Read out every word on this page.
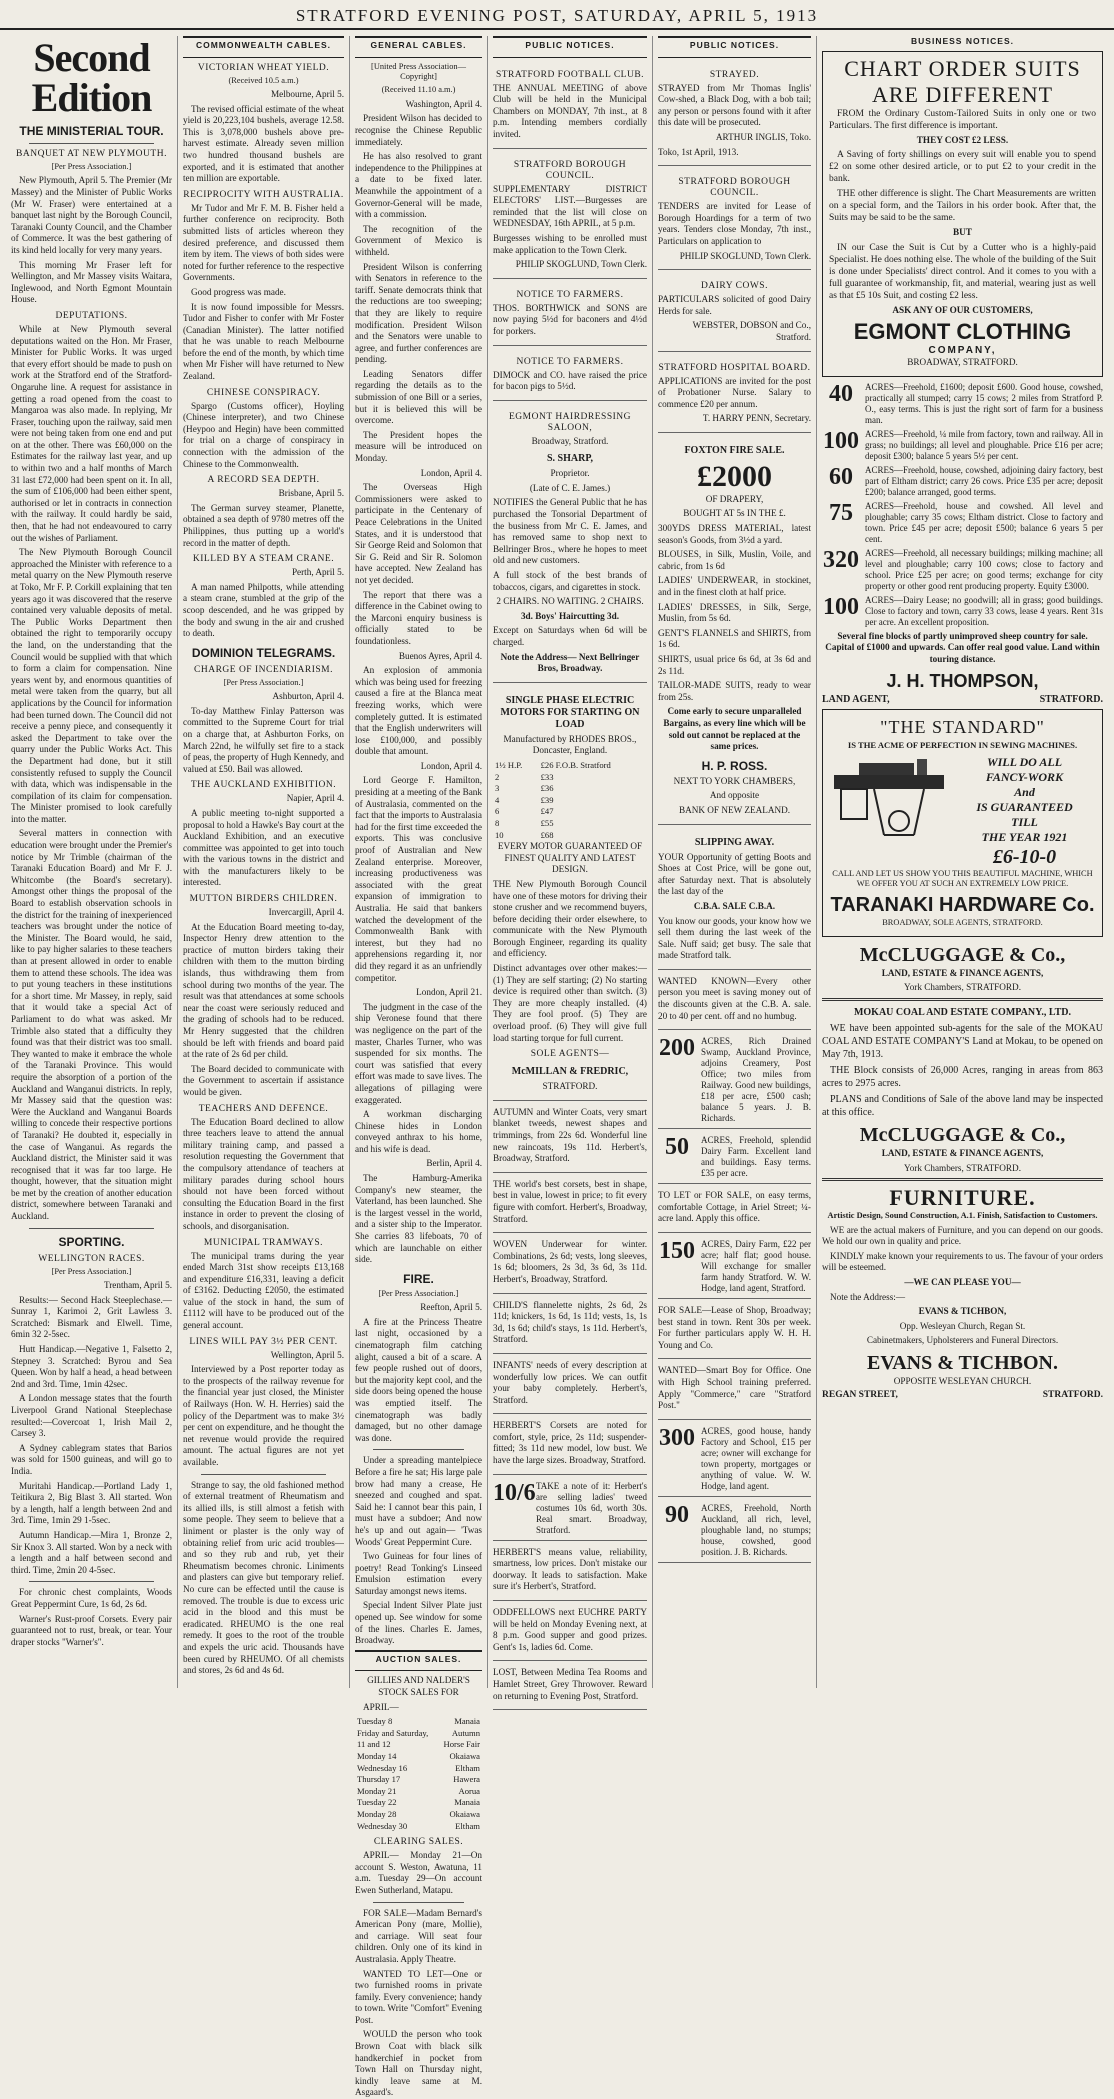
STRATFORD EVENING POST, SATURDAY, APRIL 5, 1913
Second Edition
THE MINISTERIAL TOUR.
BANQUET AT NEW PLYMOUTH.

[Per Press Association.]

New Plymouth, April 5. The Premier (Mr Massey) and the Minister of Public Works (Mr W. Fraser) were entertained at a banquet last night by the Borough Council, Taranaki County Council, and the Chamber of Commerce. It was the best gathering of its kind held locally for very many years.

This morning Mr Fraser left for Wellington, and Mr Massey visits Waitara, Inglewood, and North Egmont Mountain House.

DEPUTATIONS.

While at New Plymouth several deputations waited on the Hon. Mr Fraser, Minister for Public Works. It was urged that every effort should be made to push on work at the Stratford end of the Stratford-Ongaruhe line. A request for assistance in getting a road opened from the coast to Mangaroa was also made. In replying, Mr Fraser, touching upon the railway, said men were not being taken from one end and put on at the other. There was £60,000 on the Estimates for the railway last year, and up to within two and a half months of March 31 last £72,000 had been spent on it. In all, the sum of £106,000 had been either spent, authorised or let in contracts in connection with the railway. It could hardly be said, then, that he had not endeavoured to carry out the wishes of Parliament.

The New Plymouth Borough Council approached the Minister with reference to a metal quarry on the New Plymouth reserve at Toko, Mr F. P. Corkill explaining that ten years ago it was discovered that the reserve contained very valuable deposits of metal. The Public Works Department then obtained the right to temporarily occupy the land, on the understanding that the Council would be supplied with that which to form a claim for compensation. Nine years went by, and enormous quantities of metal were taken from the quarry, but all applications by the Council for information had been turned down. The Council did not receive a penny piece, and consequently it asked the Department to take over the quarry under the Public Works Act. This the Department had done, but it still consistently refused to supply the Council with data, which was indispensable in the compilation of its claim for compensation. The Minister promised to look carefully into the matter.

Several matters in connection with education were brought under the Premier's notice by Mr Trimble (chairman of the Taranaki Education Board) and Mr F. J. Whitcombe (the Board's secretary). Amongst other things the proposal of the Board to establish observation schools in the district for the training of inexperienced teachers was brought under the notice of the Minister. The Board would, he said, like to pay higher salaries to these teachers than at present allowed in order to enable them to attend these schools. The idea was to put young teachers in these institutions for a short time. Mr Massey, in reply, said that it would take a special Act of Parliament to do what was asked. Mr Trimble also stated that a difficulty they found was that their district was too small. They wanted to make it embrace the whole of the Taranaki Province. This would require the absorption of a portion of the Auckland and Wanganui districts. In reply, Mr Massey said that the question was: Were the Auckland and Wanganui Boards willing to concede their respective portions of Taranaki? He doubted it, especially in the case of Wanganui. As regards the Auckland district, the Minister said it was recognised that it was far too large. He thought, however, that the situation might be met by the creation of another education district, somewhere between Taranaki and Auckland.

SPORTING.
WELLINGTON RACES.

[Per Press Association.]

Trentham, April 5.

Results:— Second Hack Steeplechase.—Sunray 1, Karimoi 2, Grit Lawless 3. Scratched: Bismark and Elwell. Time, 6min 32 2-5sec.

Hutt Handicap.—Negative 1, Falsetto 2, Stepney 3. Scratched: Byrou and Sea Queen. Won by half a head, a head between 2nd and 3rd. Time, 1min 42sec.

A London message states that the fourth Liverpool Grand National Steeplechase resulted:—Covercoat 1, Irish Mail 2, Carsey 3.

A Sydney cablegram states that Barios was sold for 1500 guineas, and will go to India.

Muritahi Handicap.—Portland Lady 1, Teitikura 2, Big Blast 3. All started. Won by a length, half a length between 2nd and 3rd. Time, 1min 29 1-5sec.

Autumn Handicap.—Mira 1, Bronze 2, Sir Knox 3. All started. Won by a neck with a length and a half between second and third. Time, 2min 20 4-5sec.

For chronic chest complaints, Woods Great Peppermint Cure, 1s 6d, 2s 6d.

Warner's Rust-proof Corsets. Every pair guaranteed not to rust, break, or tear. Your draper stocks "Warner's".

COMMONWEALTH CABLES.
VICTORIAN WHEAT YIELD.

(Received 10.5 a.m.)

Melbourne, April 5.

The revised official estimate of the wheat yield is 20,223,104 bushels, average 12.58. This is 3,078,000 bushels above pre-harvest estimate. Already seven million two hundred thousand bushels are exported, and it is estimated that another ten million are exportable.

RECIPROCITY WITH AUSTRALIA.

Mr Tudor and Mr F. M. B. Fisher held a further conference on reciprocity. Both submitted lists of articles whereon they desired preference, and discussed them item by item. The views of both sides were noted for further reference to the respective Governments.

Good progress was made.

It is now found impossible for Messrs. Tudor and Fisher to confer with Mr Foster (Canadian Minister). The latter notified that he was unable to reach Melbourne before the end of the month, by which time when Mr Fisher will have returned to New Zealand.

CHINESE CONSPIRACY.

Spargo (Customs officer), Hoyling (Chinese interpreter), and two Chinese (Heypoo and Hegin) have been committed for trial on a charge of conspiracy in connection with the admission of the Chinese to the Commonwealth.

A RECORD SEA DEPTH.

Brisbane, April 5.

The German survey steamer, Planette, obtained a sea depth of 9780 metres off the Philippines, thus putting up a world's record in the matter of depth.

KILLED BY A STEAM CRANE.

Perth, April 5.

A man named Philpotts, while attending a steam crane, stumbled at the grip of the scoop descended, and he was gripped by the body and swung in the air and crushed to death.

DOMINION TELEGRAMS.
CHARGE OF INCENDIARISM.

[Per Press Association.]

Ashburton, April 4.

To-day Matthew Finlay Patterson was committed to the Supreme Court for trial on a charge that, at Ashburton Forks, on March 22nd, he wilfully set fire to a stack of peas, the property of Hugh Kennedy, and valued at £50. Bail was allowed.

THE AUCKLAND EXHIBITION.

Napier, April 4.

A public meeting to-night supported a proposal to hold a Hawke's Bay court at the Auckland Exhibition, and an executive committee was appointed to get into touch with the various towns in the district and with the manufacturers likely to be interested.

MUTTON BIRDERS CHILDREN.

Invercargill, April 4.

At the Education Board meeting to-day, Inspector Henry drew attention to the practice of mutton birders taking their children with them to the mutton birding islands, thus withdrawing them from school during two months of the year. The result was that attendances at some schools near the coast were seriously reduced and the grading of schools had to be reduced. Mr Henry suggested that the children should be left with friends and board paid at the rate of 2s 6d per child.

The Board decided to communicate with the Government to ascertain if assistance would be given.

TEACHERS AND DEFENCE.

The Education Board declined to allow three teachers leave to attend the annual military training camp, and passed a resolution requesting the Government that the compulsory attendance of teachers at military parades during school hours should not have been forced without consulting the Education Board in the first instance in order to prevent the closing of schools, and disorganisation.

MUNICIPAL TRAMWAYS.

The municipal trams during the year ended March 31st show receipts £13,168 and expenditure £16,331, leaving a deficit of £3162. Deducting £2050, the estimated value of the stock in hand, the sum of £1112 will have to be produced out of the general account.

LINES WILL PAY 3½ PER CENT.

Wellington, April 5.

Interviewed by a Post reporter today as to the prospects of the railway revenue for the financial year just closed, the Minister of Railways (Hon. W. H. Herries) said the policy of the Department was to make 3½ per cent on expenditure, and he thought the net revenue would provide the required amount. The actual figures are not yet available.

Strange to say, the old fashioned method of external treatment of Rheumatism and its allied ills, is still almost a fetish with some people. They seem to believe that a liniment or plaster is the only way of obtaining relief from uric acid troubles—and so they rub and rub, yet their Rheumatism becomes chronic. Liniments and plasters can give but temporary relief. No cure can be effected until the cause is removed. The trouble is due to excess uric acid in the blood and this must be eradicated. RHEUMO is the one real remedy. It goes to the root of the trouble and expels the uric acid. Thousands have been cured by RHEUMO. Of all chemists and stores, 2s 6d and 4s 6d.

GENERAL CABLES.

[United Press Association—Copyright]

(Received 11.10 a.m.)

Washington, April 4.

President Wilson has decided to recognise the Chinese Republic immediately.

He has also resolved to grant independence to the Philippines at a date to be fixed later. Meanwhile the appointment of a Governor-General will be made, with a commission.

The recognition of the Government of Mexico is withheld.

President Wilson is conferring with Senators in reference to the tariff. Senate democrats think that the reductions are too sweeping; that they are likely to require modification. President Wilson and the Senators were unable to agree, and further conferences are pending.

Leading Senators differ regarding the details as to the submission of one Bill or a series, but it is believed this will be overcome.

The President hopes the measure will be introduced on Monday.

London, April 4.

The Overseas High Commissioners were asked to participate in the Centenary of Peace Celebrations in the United States, and it is understood that Sir George Reid and Solomon that Sir G. Reid and Sir R. Solomon have accepted. New Zealand has not yet decided.

The report that there was a difference in the Cabinet owing to the Marconi enquiry business is officially stated to be foundationless.

Buenos Ayres, April 4.

An explosion of ammonia which was being used for freezing caused a fire at the Blanca meat freezing works, which were completely gutted. It is estimated that the English underwriters will lose £100,000, and possibly double that amount.

London, April 4.

Lord George F. Hamilton, presiding at a meeting of the Bank of Australasia, commented on the fact that the imports to Australasia had for the first time exceeded the exports. This was conclusive proof of Australian and New Zealand enterprise. Moreover, increasing productiveness was associated with the great expansion of immigration to Australia. He said that bankers watched the development of the Commonwealth Bank with interest, but they had no apprehensions regarding it, nor did they regard it as an unfriendly competitor.

London, April 21.

The judgment in the case of the ship Veronese found that there was negligence on the part of the master, Charles Turner, who was suspended for six months. The court was satisfied that every effort was made to save lives. The allegations of pillaging were exaggerated.

A workman discharging Chinese hides in London conveyed anthrax to his home, and his wife is dead.

Berlin, April 4.

The Hamburg-Amerika Company's new steamer, the Vaterland, has been launched. She is the largest vessel in the world, and a sister ship to the Imperator. She carries 83 lifeboats, 70 of which are launchable on either side.

FIRE.

[Per Press Association.]

Reefton, April 5.

A fire at the Princess Theatre last night, occasioned by a cinematograph film catching alight, caused a bit of a scare. A few people rushed out of doors, but the majority kept cool, and the side doors being opened the house was emptied itself. The cinematograph was badly damaged, but no other damage was done.

Under a spreading mantelpiece Before a fire he sat; His large pale brow had many a crease, He sneezed and coughed and spat. Said he: I cannot bear this pain, I must have a subdoer; And now he's up and out again— 'Twas Woods' Great Peppermint Cure.

Two Guineas for four lines of poetry! Read Tonking's Linseed Emulsion estimation every Saturday amongst news items.

Special Indent Silver Plate just opened up. See window for some of the lines. Charles E. James, Broadway.

AUCTION SALES.

GILLIES AND NALDER'S STOCK SALES FOR

APRIL—

Tuesday 8	Manaia
Friday and Saturday, 11 and 12	Autumn Horse Fair
Monday 14	Okaiawa
Wednesday 16	Eltham
Thursday 17	Hawera
Monday 21	Aorua
Tuesday 22	Manaia
Monday 28	Okaiawa
Wednesday 30	Eltham
CLEARING SALES.

APRIL— Monday 21—On account S. Weston, Awatuna, 11 a.m. Tuesday 29—On account Ewen Sutherland, Matapu.

FOR SALE—Madam Bernard's American Pony (mare, Mollie), and carriage. Will seat four children. Only one of its kind in Australasia. Apply Theatre.

WANTED TO LET—One or two furnished rooms in private family. Every convenience; handy to town. Write "Comfort" Evening Post.

WOULD the person who took Brown Coat with black silk handkerchief in pocket from Town Hall on Thursday night, kindly leave same at M. Asgaard's.

PUBLIC NOTICES.
STRATFORD FOOTBALL CLUB.

THE ANNUAL MEETING of above Club will be held in the Municipal Chambers on MONDAY, 7th inst., at 8 p.m. Intending members cordially invited.

STRATFORD BOROUGH COUNCIL.

SUPPLEMENTARY DISTRICT ELECTORS' LIST.—Burgesses are reminded that the list will close on WEDNESDAY, 16th APRIL, at 5 p.m.

Burgesses wishing to be enrolled must make application to the Town Clerk.

PHILIP SKOGLUND, Town Clerk.

NOTICE TO FARMERS.

THOS. BORTHWICK and SONS are now paying 5½d for baconers and 4½d for porkers.

NOTICE TO FARMERS.

DIMOCK and CO. have raised the price for bacon pigs to 5½d.

EGMONT HAIRDRESSING SALOON,

Broadway, Stratford.

S. SHARP,

Proprietor.

(Late of C. E. James.)

NOTIFIES the General Public that he has purchased the Tonsorial Department of the business from Mr C. E. James, and has removed same to shop next to Bellringer Bros., where he hopes to meet old and new customers.

A full stock of the best brands of tobaccos, cigars, and cigarettes in stock.

2 CHAIRS. NO WAITING. 2 CHAIRS.

3d. Boys' Haircutting 3d.

Except on Saturdays when 6d will be charged.

Note the Address— Next Bellringer Bros, Broadway.

SINGLE PHASE ELECTRIC MOTORS FOR STARTING ON LOAD

Manufactured by RHODES BROS., Doncaster, England.

1½ H.P.	£26 F.O.B. Stratford
2	£33
3	£36
4	£39
6	£47
8	£55
10	£68

EVERY MOTOR GUARANTEED OF FINEST QUALITY AND LATEST DESIGN.

THE New Plymouth Borough Council have one of these motors for driving their stone crusher and we recommend buyers, before deciding their order elsewhere, to communicate with the New Plymouth Borough Engineer, regarding its quality and efficiency.

Distinct advantages over other makes:—(1) They are self starting; (2) No starting device is required other than switch. (3) They are more cheaply installed. (4) They are fool proof. (5) They are overload proof. (6) They will give full load starting torque for full current.

SOLE AGENTS—
McMILLAN & FREDRIC,

STRATFORD.

AUTUMN and Winter Coats, very smart blanket tweeds, newest shapes and trimmings, from 22s 6d. Wonderful line new raincoats, 19s 11d. Herbert's, Broadway, Stratford.

THE world's best corsets, best in shape, best in value, lowest in price; to fit every figure with comfort. Herbert's, Broadway, Stratford.

WOVEN Underwear for winter. Combinations, 2s 6d; vests, long sleeves, 1s 6d; bloomers, 2s 3d, 3s 6d, 3s 11d. Herbert's, Broadway, Stratford.

CHILD'S flannelette nights, 2s 6d, 2s 11d; knickers, 1s 6d, 1s 11d; vests, 1s, 1s 3d, 1s 6d; child's stays, 1s 11d. Herbert's, Stratford.

INFANTS' needs of every description at wonderfully low prices. We can outfit your baby completely. Herbert's, Stratford.

HERBERT'S Corsets are noted for comfort, style, price, 2s 11d; suspender-fitted; 3s 11d new model, low bust. We have the large sizes. Broadway, Stratford.

10/6 TAKE a note of it: Herbert's are selling ladies' tweed costumes 10s 6d, worth 30s. Real smart. Broadway, Stratford.

HERBERT'S means value, reliability, smartness, low prices. Don't mistake our doorway. It leads to satisfaction. Make sure it's Herbert's, Stratford.

ODDFELLOWS next EUCHRE PARTY will be held on Monday Evening next, at 8 p.m. Good supper and good prizes. Gent's 1s, ladies 6d. Come.

LOST, Between Medina Tea Rooms and Hamlet Street, Grey Throwover. Reward on returning to Evening Post, Stratford.

PUBLIC NOTICES.
STRAYED.

STRAYED from Mr Thomas Inglis' Cow-shed, a Black Dog, with a bob tail; any person or persons found with it after this date will be prosecuted.

ARTHUR INGLIS, Toko.

Toko, 1st April, 1913.

STRATFORD BOROUGH COUNCIL.

TENDERS are invited for Lease of Borough Hoardings for a term of two years. Tenders close Monday, 7th inst., Particulars on application to

PHILIP SKOGLUND, Town Clerk.

DAIRY COWS.

PARTICULARS solicited of good Dairy Herds for sale.

WEBSTER, DOBSON and Co., Stratford.

STRATFORD HOSPITAL BOARD.

APPLICATIONS are invited for the post of Probationer Nurse. Salary to commence £20 per annum.

T. HARRY PENN, Secretary.

FOXTON FIRE SALE.
£2000

OF DRAPERY,

BOUGHT AT 5s IN THE £.

300YDS DRESS MATERIAL, latest season's Goods, from 3½d a yard.

BLOUSES, in Silk, Muslin, Voile, and cabric, from 1s 6d

LADIES' UNDERWEAR, in stockinet, and in the finest cloth at half price.

LADIES' DRESSES, in Silk, Serge, Muslin, from 5s 6d.

GENT'S FLANNELS and SHIRTS, from 1s 6d.

SHIRTS, usual price 6s 6d, at 3s 6d and 2s 11d.

TAILOR-MADE SUITS, ready to wear from 25s.

Come early to secure unparalleled Bargains, as every line which will be sold out cannot be replaced at the same prices.

H. P. ROSS.

NEXT TO YORK CHAMBERS,

And opposite

BANK OF NEW ZEALAND.

SLIPPING AWAY.

YOUR Opportunity of getting Boots and Shoes at Cost Price, will be gone out, after Saturday next. That is absolutely the last day of the

C.B.A. SALE C.B.A.

You know our goods, your know how we sell them during the last week of the Sale. Nuff said; get busy. The sale that made Stratford talk.

WANTED KNOWN—Every other person you meet is saving money out of the discounts given at the C.B. A. sale. 20 to 40 per cent. off and no humbug.

200 ACRES, Rich Drained Swamp, Auckland Province, adjoins Creamery, Post Office; two miles from Railway. Good new buildings, £18 per acre, £500 cash; balance 5 years. J. B. Richards.
50	ACRES, Freehold, splendid Dairy Farm. Excellent land and buildings. Easy terms. £35 per acre.

TO LET or FOR SALE, on easy terms, comfortable Cottage, in Ariel Street; ¼-acre land. Apply this office.

150 ACRES, Dairy Farm, £22 per acre; half flat; good house. Will exchange for smaller farm handy Stratford. W. W. Hodge, land agent, Stratford.

FOR SALE—Lease of Shop, Broadway; best stand in town. Rent 30s per week. For further particulars apply W. H. H. Young and Co.

WANTED—Smart Boy for Office. One with High School training preferred. Apply "Commerce," care "Stratford Post."

300 ACRES, good house, handy Factory and School, £15 per acre; owner will exchange for town property, mortgages or anything of value. W. W. Hodge, land agent.
90	ACRES, Freehold, North Auckland, all rich, level, ploughable land, no stumps; house, cowshed, good position. J. B. Richards.
BUSINESS NOTICES.
CHART ORDER SUITS
ARE DIFFERENT

FROM the Ordinary Custom-Tailored Suits in only one or two Particulars. The first difference is important.

THEY COST £2 LESS.

A Saving of forty shillings on every suit will enable you to spend £2 on some other desired article, or to put £2 to your credit in the bank.

THE other difference is slight. The Chart Measurements are written on a special form, and the Tailors in his order book. After that, the Suits may be said to be the same.

BUT

IN our Case the Suit is Cut by a Cutter who is a highly-paid Specialist. He does nothing else. The whole of the building of the Suit is done under Specialists' direct control. And it comes to you with a full guarantee of workmanship, fit, and material, wearing just as well as that £5 10s Suit, and costing £2 less.

ASK ANY OF OUR CUSTOMERS,

EGMONT CLOTHING
COMPANY,

BROADWAY, STRATFORD.

40	ACRES—Freehold, £1600; deposit £600. Good house, cowshed, practically all stumped; carry 15 cows; 2 miles from Stratford P. O., easy terms. This is just the right sort of farm for a business man.
100 ACRES—Freehold, ¼ mile from factory, town and railway. All in grass; no buildings; all level and ploughable. Price £16 per acre; deposit £300; balance 5 years 5½ per cent.
60	ACRES—Freehold, house, cowshed, adjoining dairy factory, best part of Eltham district; carry 26 cows. Price £35 per acre; deposit £200; balance arranged, good terms.
75	ACRES—Freehold, house and cowshed. All level and ploughable; carry 35 cows; Eltham district. Close to factory and town. Price £45 per acre; deposit £500; balance 6 years 5 per cent.
320 ACRES—Freehold, all necessary buildings; milking machine; all level and ploughable; carry 100 cows; close to factory and school. Price £25 per acre; on good terms; exchange for city property or other good rent producing property. Equity £3000.
100 ACRES—Dairy Lease; no goodwill; all in grass; good buildings. Close to factory and town, carry 33 cows, lease 4 years. Rent 31s per acre. An excellent proposition.

Several fine blocks of partly unimproved sheep country for sale. Capital of £1000 and upwards. Can offer real good value. Land within touring distance.

J. H. THOMPSON,
LAND AGENT,	STRATFORD.
"THE STANDARD"

IS THE ACME OF PERFECTION IN SEWING MACHINES.

WILL DO ALL
FANCY-WORK
And
IS GUARANTEED
TILL
THE YEAR 1921
£6-10-0

CALL AND LET US SHOW YOU THIS BEAUTIFUL MACHINE, WHICH WE OFFER YOU AT SUCH AN EXTREMELY LOW PRICE.

TARANAKI HARDWARE Co.

BROADWAY, SOLE AGENTS, STRATFORD.

McCLUGGAGE & Co.,

LAND, ESTATE & FINANCE AGENTS,

York Chambers, STRATFORD.

MOKAU COAL AND ESTATE COMPANY., LTD.

WE have been appointed sub-agents for the sale of the MOKAU COAL AND ESTATE COMPANY'S Land at Mokau, to be opened on May 7th, 1913.

THE Block consists of 26,000 Acres, ranging in areas from 863 acres to 2975 acres.

PLANS and Conditions of Sale of the above land may be inspected at this office.

McCLUGGAGE & Co.,

LAND, ESTATE & FINANCE AGENTS,

York Chambers, STRATFORD.

FURNITURE.

Artistic Design, Sound Construction, A.1. Finish, Satisfaction to Customers.

WE are the actual makers of Furniture, and you can depend on our goods. We hold our own in quality and price.

KINDLY make known your requirements to us. The favour of your orders will be esteemed.

—WE CAN PLEASE YOU—

Note the Address:—

EVANS & TICHBON,

Opp. Wesleyan Church, Regan St.

Cabinetmakers, Upholsterers and Funeral Directors.

EVANS & TICHBON.

OPPOSITE WESLEYAN CHURCH.

REGAN STREET,	STRATFORD.
